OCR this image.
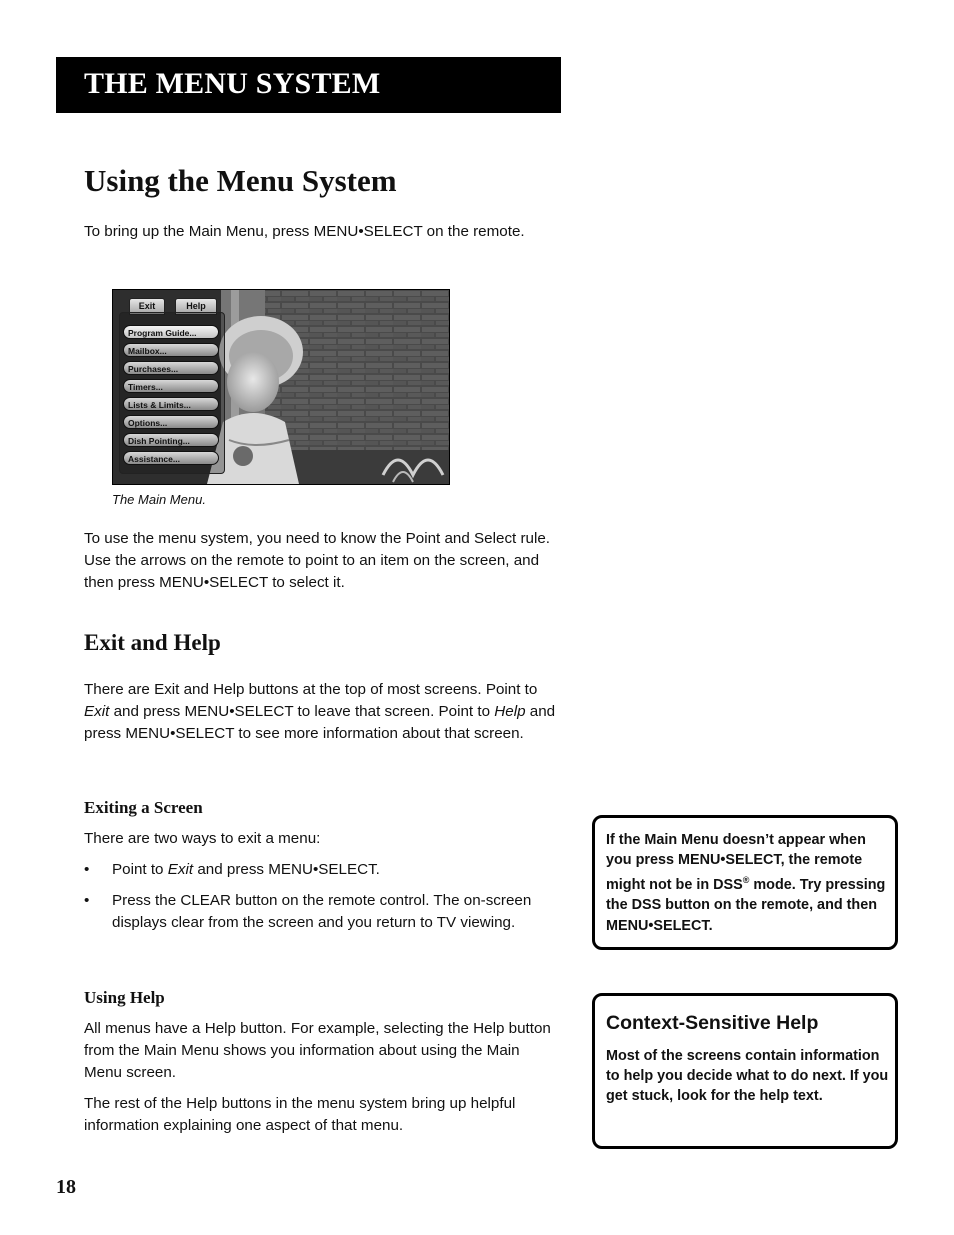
THE MENU SYSTEM
Using the Menu System

To bring up the Main Menu, press MENU•SELECT on the remote.

Exit	Help
Program Guide...
Mailbox...
Purchases...
Timers...
Lists & Limits...
Options...
Dish Pointing...
Assistance...
The Main Menu.

To use the menu system, you need to know the Point and Select rule. Use the arrows on the remote to point to an item on the screen, and then press MENU•SELECT to select it.

Exit and Help

There are Exit and Help buttons at the top of most screens. Point to Exit and press MENU•SELECT to leave that screen. Point to Help and press MENU•SELECT to see more information about that screen.

Exiting a Screen

There are two ways to exit a menu:

• Point to Exit and press MENU•SELECT.
• Press the CLEAR button on the remote control. The on-screen displays clear from the screen and you return to TV viewing.
Using Help

All menus have a Help button. For example, selecting the Help button from the Main Menu shows you information about using the Main Menu screen.

The rest of the Help buttons in the menu system bring up helpful information explaining one aspect of that menu.

If the Main Menu doesn’t appear when you press MENU•SELECT, the remote might not be in DSS® mode. Try pressing the DSS button on the remote, and then MENU•SELECT.

Context-Sensitive Help

Most of the screens contain information to help you decide what to do next. If you get stuck, look for the help text.

18
